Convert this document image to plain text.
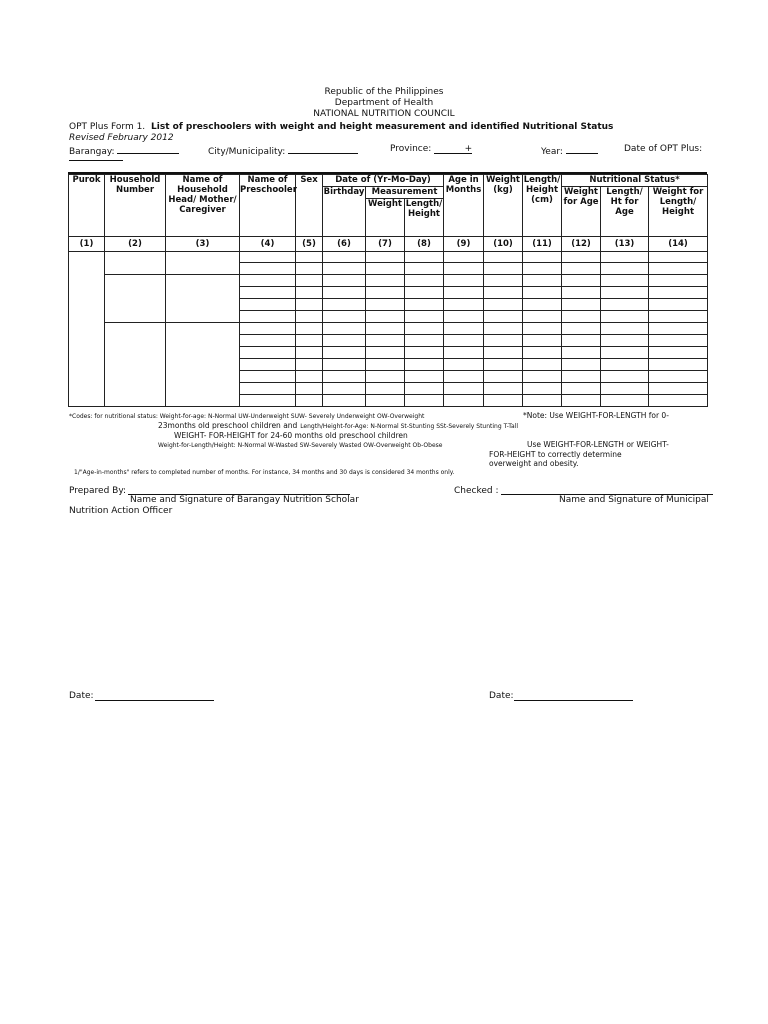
Republic of the Philippines
Department of Health
NATIONAL NUTRITION COUNCIL
OPT Plus Form 1. List of preschoolers with weight and height measurement and identified Nutritional Status
Revised February 2012
Barangay:	City/Municipality:	Province:	+	Year:	Date of OPT Plus:
Purok	Household Number	Name of Household Head/ Mother/ Caregiver	Name of Preschooler	Sex	Date of (Yr-Mo-Day)			Age in Months	Weight (kg)	Length/ Height (cm)	Nutritional Status*		
					Birthday	Measurement					Weight for Age	Length/ Ht for Age	Weight for Length/ Height
						Weight	Length/ Height						
(1)	(2)	(3)	(4)	(5)	(6)	(7)	(8)	(9)	(10)	(11)	(12)	(13)	(14)

*Codes: for nutritional status: Weight-for-age: N-Normal UW-Underweight SUW- Severely Underweight OW-Overweight	*Note: Use WEIGHT-FOR-LENGTH for 0-
23months old preschool children and Length/Height-for-Age: N-Normal St-Stunting SSt-Severely Stunting T-Tall
WEIGHT- FOR-HEIGHT for 24-60 months old preschool children
Weight-for-Length/Height: N-Normal W-Wasted SW-Severely Wasted OW-Overweight Ob-Obese	Use WEIGHT-FOR-LENGTH or WEIGHT-
FOR-HEIGHT to correctly determine
overweight and obesity.
1/"Age-in-months" refers to completed number of months. For instance, 34 months and 30 days is considered 34 months only.
Prepared By:	Checked :
Name and Signature of Barangay Nutrition Scholar	Name and Signature of Municipal
Nutrition Action Officer
Date:	Date:
